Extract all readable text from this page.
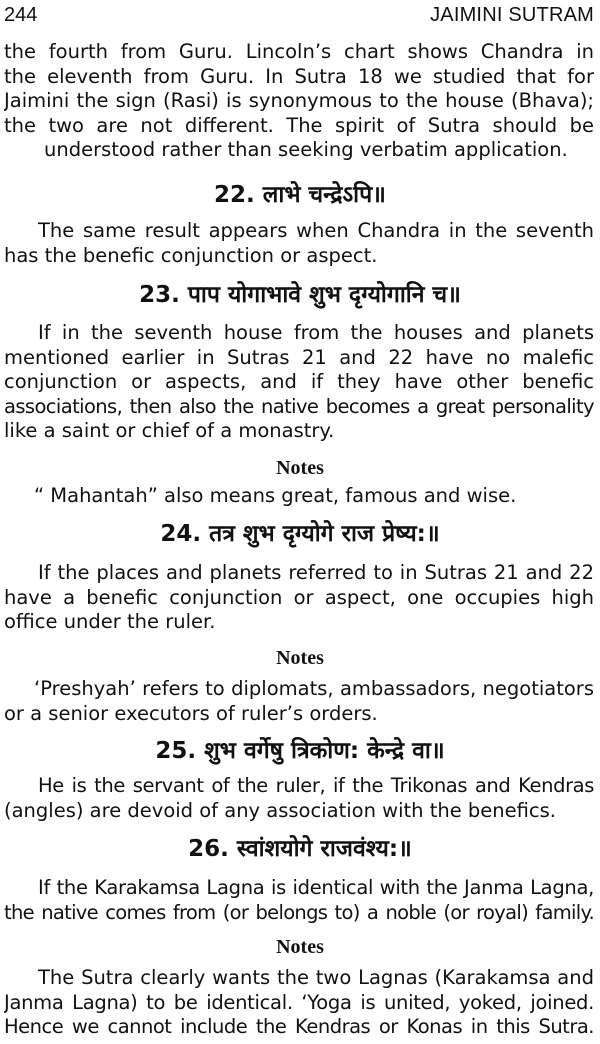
244	JAIMINI SUTRAM
the fourth from Guru. Lincoln’s chart shows Chandra in
the eleventh from Guru. In Sutra 18 we studied that for
Jaimini the sign (Rasi) is synonymous to the house (Bhava);
the two are not different. The spirit of Sutra should be
understood rather than seeking verbatim application.
22. लाभे चन्द्रेऽपि॥
The same result appears when Chandra in the seventh
has the benefic conjunction or aspect.
23. पाप योगाभावे शुभ दृग्योगानि च॥
If in the seventh house from the houses and planets
mentioned earlier in Sutras 21 and 22 have no malefic
conjunction or aspects, and if they have other benefic
associations, then also the native becomes a great personality
like a saint or chief of a monastry.
Notes
“ Mahantah” also means great, famous and wise.
24. तत्र शुभ दृग्योगे राज प्रेष्य:॥
If the places and planets referred to in Sutras 21 and 22
have a benefic conjunction or aspect, one occupies high
office under the ruler.
Notes
‘Preshyah’ refers to diplomats, ambassadors, negotiators
or a senior executors of ruler’s orders.
25. शुभ वर्गेषु त्रिकोण: केन्द्रे वा॥
He is the servant of the ruler, if the Trikonas and Kendras
(angles) are devoid of any association with the benefics.
26. स्वांशयोगे राजवंश्य:॥
If the Karakamsa Lagna is identical with the Janma Lagna,
the native comes from (or belongs to) a noble (or royal) family.
Notes
The Sutra clearly wants the two Lagnas (Karakamsa and
Janma Lagna) to be identical. ‘Yoga is united, yoked, joined.
Hence we cannot include the Kendras or Konas in this Sutra.
